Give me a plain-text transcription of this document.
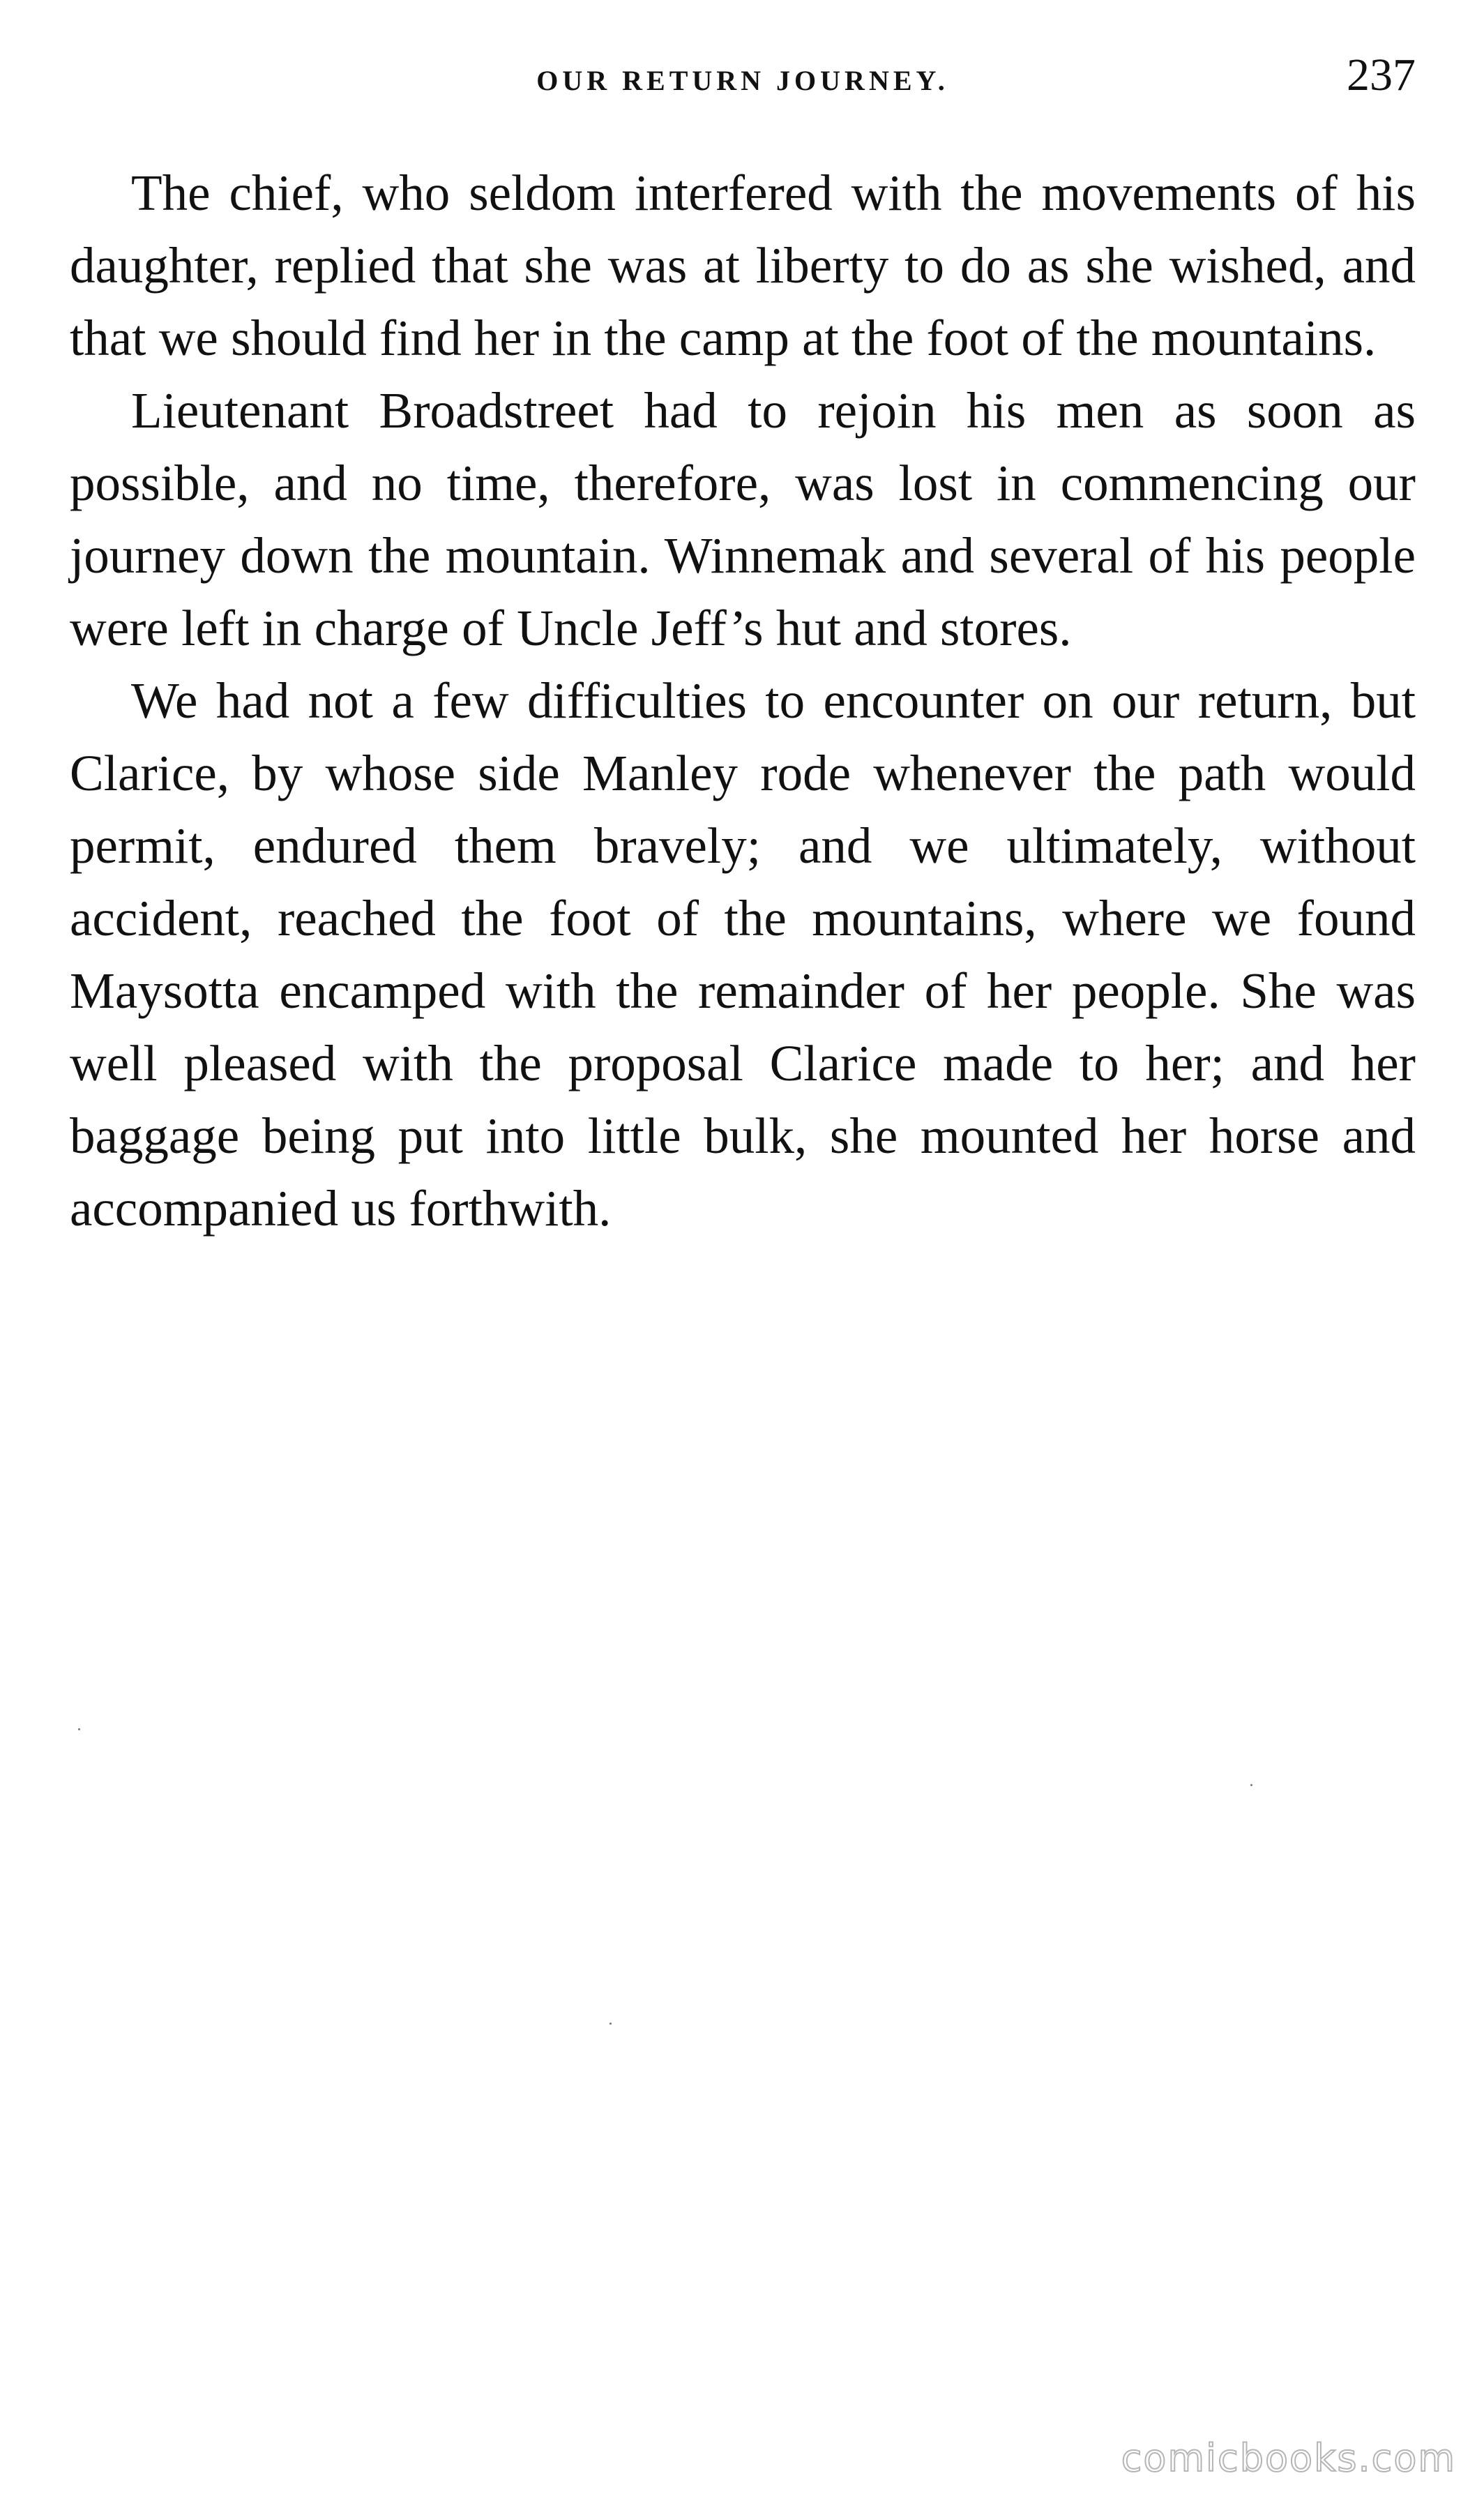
OUR RETURN JOURNEY.	237

The chief, who seldom interfered with the movements of his daughter, replied that she was at liberty to do as she wished, and that we should find her in the camp at the foot of the mountains.

Lieutenant Broadstreet had to rejoin his men as soon as possible, and no time, therefore, was lost in commencing our journey down the mountain. Winnemak and several of his people were left in charge of Uncle Jeff’s hut and stores.

We had not a few difficulties to encounter on our return, but Clarice, by whose side Manley rode whenever the path would permit, endured them bravely; and we ultimately, without accident, reached the foot of the mountains, where we found Maysotta encamped with the remainder of her people. She was well pleased with the proposal Clarice made to her; and her baggage being put into little bulk, she mounted her horse and accompanied us forthwith.

comicbooks.com
